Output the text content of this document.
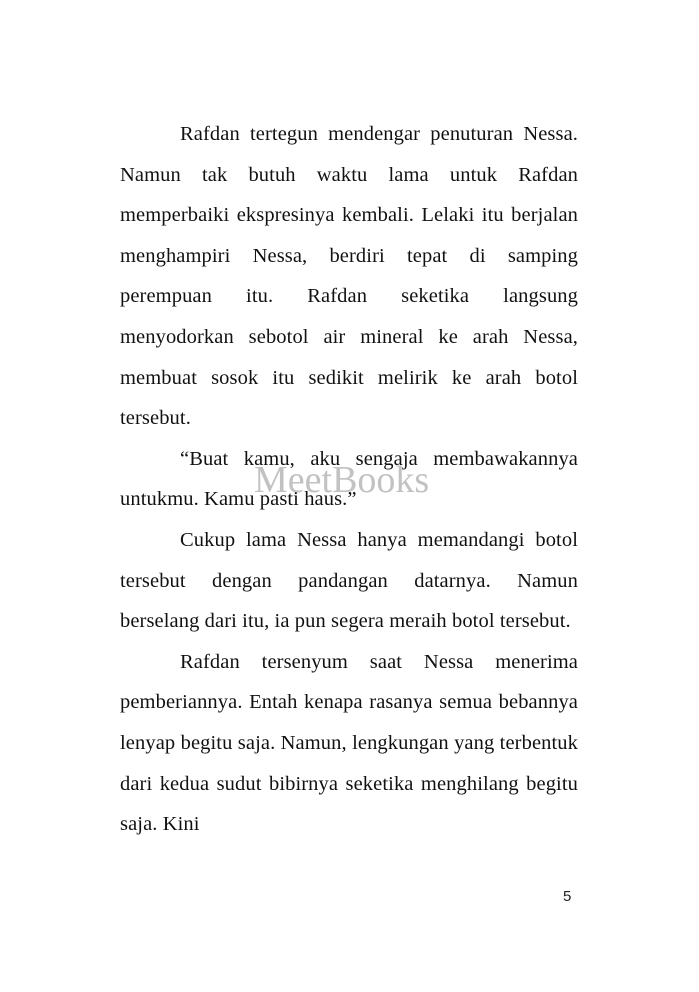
Rafdan tertegun mendengar penuturan Nessa. Namun tak butuh waktu lama untuk Rafdan memperbaiki ekspresinya kembali. Lelaki itu berjalan menghampiri Nessa, berdiri tepat di samping perempuan itu. Rafdan seketika langsung menyodorkan sebotol air mineral ke arah Nessa, membuat sosok itu sedikit melirik ke arah botol tersebut.

“Buat kamu, aku sengaja membawakannya untukmu. Kamu pasti haus.”

Cukup lama Nessa hanya memandangi botol tersebut dengan pandangan datarnya. Namun berselang dari itu, ia pun segera meraih botol tersebut.

Rafdan tersenyum saat Nessa menerima pemberiannya. Entah kenapa rasanya semua bebannya lenyap begitu saja. Namun, lengkungan yang terbentuk dari kedua sudut bibirnya seketika menghilang begitu saja. Kini

MeetBooks
5
